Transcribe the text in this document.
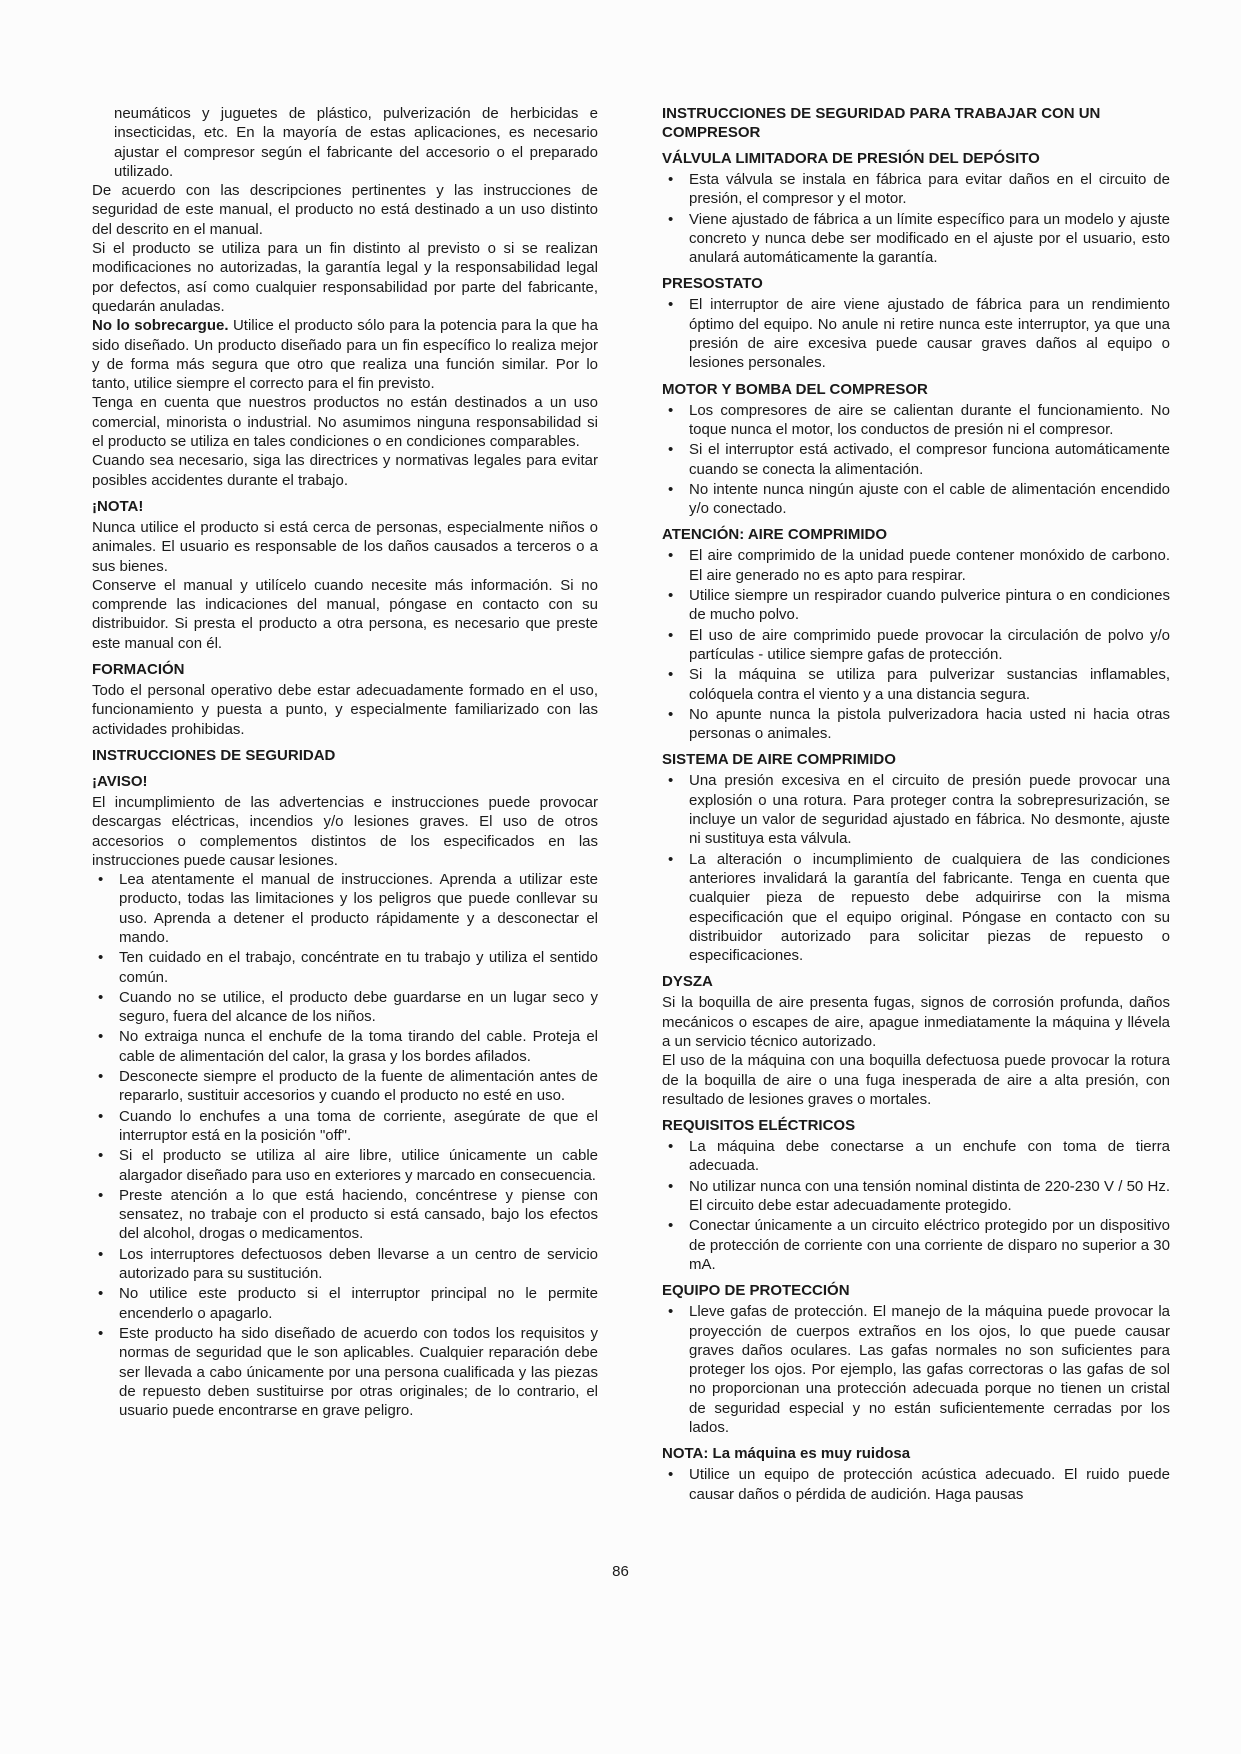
neumáticos y juguetes de plástico, pulverización de herbicidas e insecticidas, etc. En la mayoría de estas aplicaciones, es necesario ajustar el compresor según el fabricante del accesorio o el preparado utilizado.

De acuerdo con las descripciones pertinentes y las instrucciones de seguridad de este manual, el producto no está destinado a un uso distinto del descrito en el manual.

Si el producto se utiliza para un fin distinto al previsto o si se realizan modificaciones no autorizadas, la garantía legal y la responsabilidad legal por defectos, así como cualquier responsabilidad por parte del fabricante, quedarán anuladas.

No lo sobrecargue. Utilice el producto sólo para la potencia para la que ha sido diseñado. Un producto diseñado para un fin específico lo realiza mejor y de forma más segura que otro que realiza una función similar. Por lo tanto, utilice siempre el correcto para el fin previsto.

Tenga en cuenta que nuestros productos no están destinados a un uso comercial, minorista o industrial. No asumimos ninguna responsabilidad si el producto se utiliza en tales condiciones o en condiciones comparables.

Cuando sea necesario, siga las directrices y normativas legales para evitar posibles accidentes durante el trabajo.

¡NOTA!

Nunca utilice el producto si está cerca de personas, especialmente niños o animales. El usuario es responsable de los daños causados a terceros o a sus bienes.

Conserve el manual y utilícelo cuando necesite más información. Si no comprende las indicaciones del manual, póngase en contacto con su distribuidor. Si presta el producto a otra persona, es necesario que preste este manual con él.

FORMACIÓN

Todo el personal operativo debe estar adecuadamente formado en el uso, funcionamiento y puesta a punto, y especialmente familiarizado con las actividades prohibidas.

INSTRUCCIONES DE SEGURIDAD
¡AVISO!

El incumplimiento de las advertencias e instrucciones puede provocar descargas eléctricas, incendios y/o lesiones graves. El uso de otros accesorios o complementos distintos de los especificados en las instrucciones puede causar lesiones.

• Lea atentamente el manual de instrucciones. Aprenda a utilizar este producto, todas las limitaciones y los peligros que puede conllevar su uso. Aprenda a detener el producto rápidamente y a desconectar el mando.
• Ten cuidado en el trabajo, concéntrate en tu trabajo y utiliza el sentido común.
• Cuando no se utilice, el producto debe guardarse en un lugar seco y seguro, fuera del alcance de los niños.
• No extraiga nunca el enchufe de la toma tirando del cable. Proteja el cable de alimentación del calor, la grasa y los bordes afilados.
• Desconecte siempre el producto de la fuente de alimentación antes de repararlo, sustituir accesorios y cuando el producto no esté en uso.
• Cuando lo enchufes a una toma de corriente, asegúrate de que el interruptor está en la posición "off".
• Si el producto se utiliza al aire libre, utilice únicamente un cable alargador diseñado para uso en exteriores y marcado en consecuencia.
• Preste atención a lo que está haciendo, concéntrese y piense con sensatez, no trabaje con el producto si está cansado, bajo los efectos del alcohol, drogas o medicamentos.
• Los interruptores defectuosos deben llevarse a un centro de servicio autorizado para su sustitución.
• No utilice este producto si el interruptor principal no le permite encenderlo o apagarlo.
• Este producto ha sido diseñado de acuerdo con todos los requisitos y normas de seguridad que le son aplicables. Cualquier reparación debe ser llevada a cabo únicamente por una persona cualificada y las piezas de repuesto deben sustituirse por otras originales; de lo contrario, el usuario puede encontrarse en grave peligro.
INSTRUCCIONES DE SEGURIDAD PARA TRABAJAR CON UN COMPRESOR
VÁLVULA LIMITADORA DE PRESIÓN DEL DEPÓSITO
• Esta válvula se instala en fábrica para evitar daños en el circuito de presión, el compresor y el motor.
• Viene ajustado de fábrica a un límite específico para un modelo y ajuste concreto y nunca debe ser modificado en el ajuste por el usuario, esto anulará automáticamente la garantía.
PRESOSTATO
• El interruptor de aire viene ajustado de fábrica para un rendimiento óptimo del equipo. No anule ni retire nunca este interruptor, ya que una presión de aire excesiva puede causar graves daños al equipo o lesiones personales.
MOTOR Y BOMBA DEL COMPRESOR
• Los compresores de aire se calientan durante el funcionamiento. No toque nunca el motor, los conductos de presión ni el compresor.
• Si el interruptor está activado, el compresor funciona automáticamente cuando se conecta la alimentación.
• No intente nunca ningún ajuste con el cable de alimentación encendido y/o conectado.
ATENCIÓN: AIRE COMPRIMIDO
• El aire comprimido de la unidad puede contener monóxido de carbono. El aire generado no es apto para respirar.
• Utilice siempre un respirador cuando pulverice pintura o en condiciones de mucho polvo.
• El uso de aire comprimido puede provocar la circulación de polvo y/o partículas - utilice siempre gafas de protección.
• Si la máquina se utiliza para pulverizar sustancias inflamables, colóquela contra el viento y a una distancia segura.
• No apunte nunca la pistola pulverizadora hacia usted ni hacia otras personas o animales.
SISTEMA DE AIRE COMPRIMIDO
• Una presión excesiva en el circuito de presión puede provocar una explosión o una rotura. Para proteger contra la sobrepresurización, se incluye un valor de seguridad ajustado en fábrica. No desmonte, ajuste ni sustituya esta válvula.
• La alteración o incumplimiento de cualquiera de las condiciones anteriores invalidará la garantía del fabricante. Tenga en cuenta que cualquier pieza de repuesto debe adquirirse con la misma especificación que el equipo original. Póngase en contacto con su distribuidor autorizado para solicitar piezas de repuesto o especificaciones.
DYSZA

Si la boquilla de aire presenta fugas, signos de corrosión profunda, daños mecánicos o escapes de aire, apague inmediatamente la máquina y llévela a un servicio técnico autorizado.

El uso de la máquina con una boquilla defectuosa puede provocar la rotura de la boquilla de aire o una fuga inesperada de aire a alta presión, con resultado de lesiones graves o mortales.

REQUISITOS ELÉCTRICOS
• La máquina debe conectarse a un enchufe con toma de tierra adecuada.
• No utilizar nunca con una tensión nominal distinta de 220-230 V / 50 Hz. El circuito debe estar adecuadamente protegido.
• Conectar únicamente a un circuito eléctrico protegido por un dispositivo de protección de corriente con una corriente de disparo no superior a 30 mA.
EQUIPO DE PROTECCIÓN
• Lleve gafas de protección. El manejo de la máquina puede provocar la proyección de cuerpos extraños en los ojos, lo que puede causar graves daños oculares. Las gafas normales no son suficientes para proteger los ojos. Por ejemplo, las gafas correctoras o las gafas de sol no proporcionan una protección adecuada porque no tienen un cristal de seguridad especial y no están suficientemente cerradas por los lados.
NOTA: La máquina es muy ruidosa
• Utilice un equipo de protección acústica adecuado. El ruido puede causar daños o pérdida de audición. Haga pausas
86
